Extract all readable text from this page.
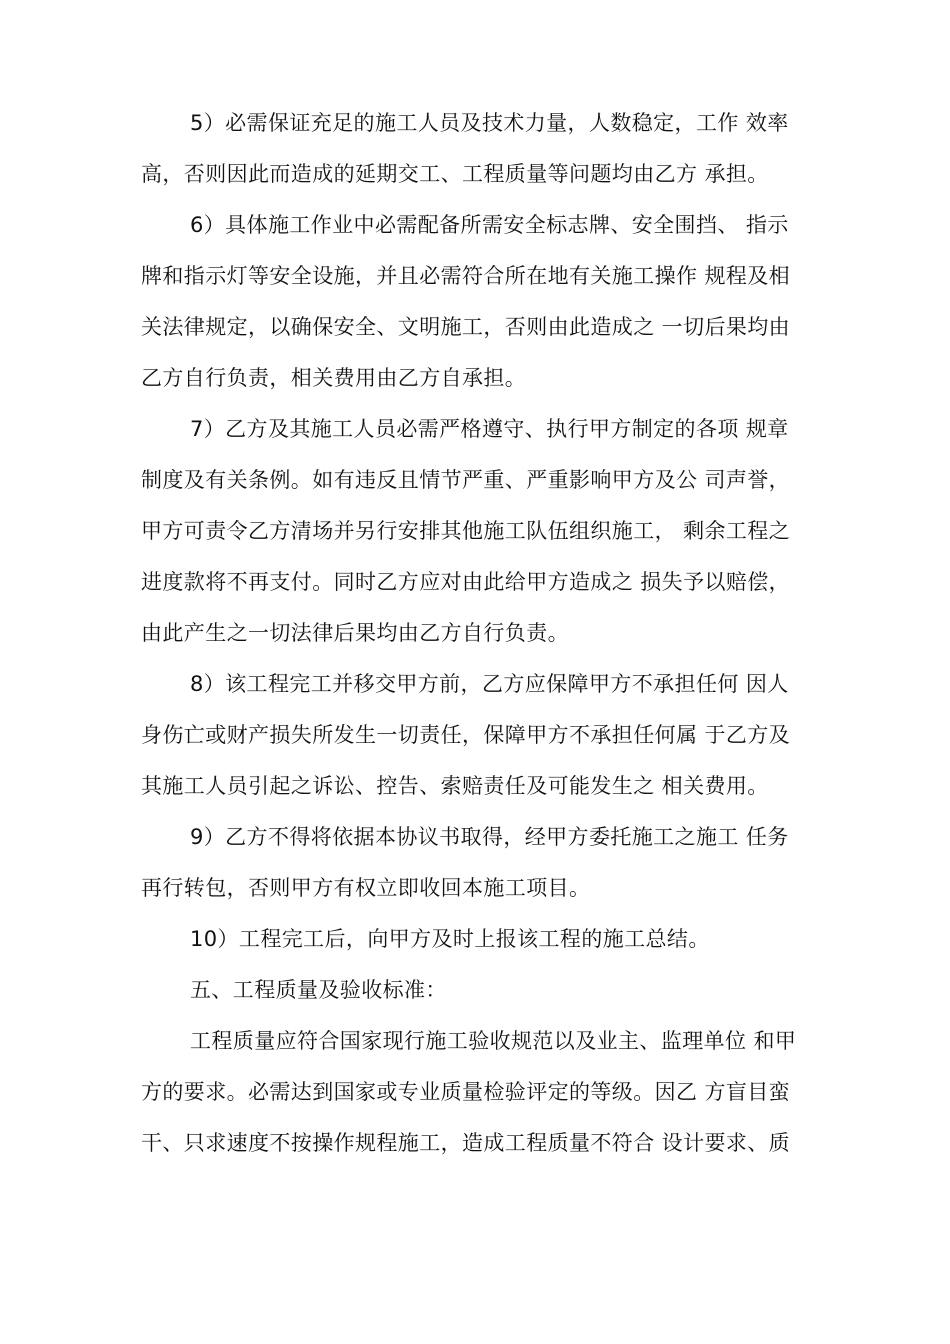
5）必需保证充足的施工人员及技术力量，人数稳定，工作 效率
高，否则因此而造成的延期交工、工程质量等问题均由乙方 承担。
6）具体施工作业中必需配备所需安全标志牌、安全围挡、 指示
牌和指示灯等安全设施，并且必需符合所在地有关施工操作 规程及相
关法律规定，以确保安全、文明施工，否则由此造成之 一切后果均由
乙方自行负责，相关费用由乙方自承担。
7）乙方及其施工人员必需严格遵守、执行甲方制定的各项 规章
制度及有关条例。如有违反且情节严重、严重影响甲方及公 司声誉，
甲方可责令乙方清场并另行安排其他施工队伍组织施工， 剩余工程之
进度款将不再支付。同时乙方应对由此给甲方造成之 损失予以赔偿，
由此产生之一切法律后果均由乙方自行负责。
8）该工程完工并移交甲方前，乙方应保障甲方不承担任何 因人
身伤亡或财产损失所发生一切责任，保障甲方不承担任何属 于乙方及
其施工人员引起之诉讼、控告、索赔责任及可能发生之 相关费用。
9）乙方不得将依据本协议书取得，经甲方委托施工之施工 任务
再行转包，否则甲方有权立即收回本施工项目。
10）工程完工后，向甲方及时上报该工程的施工总结。
五、工程质量及验收标准：
工程质量应符合国家现行施工验收规范以及业主、监理单位 和甲
方的要求。必需达到国家或专业质量检验评定的等级。因乙 方盲目蛮
干、只求速度不按操作规程施工，造成工程质量不符合 设计要求、质
